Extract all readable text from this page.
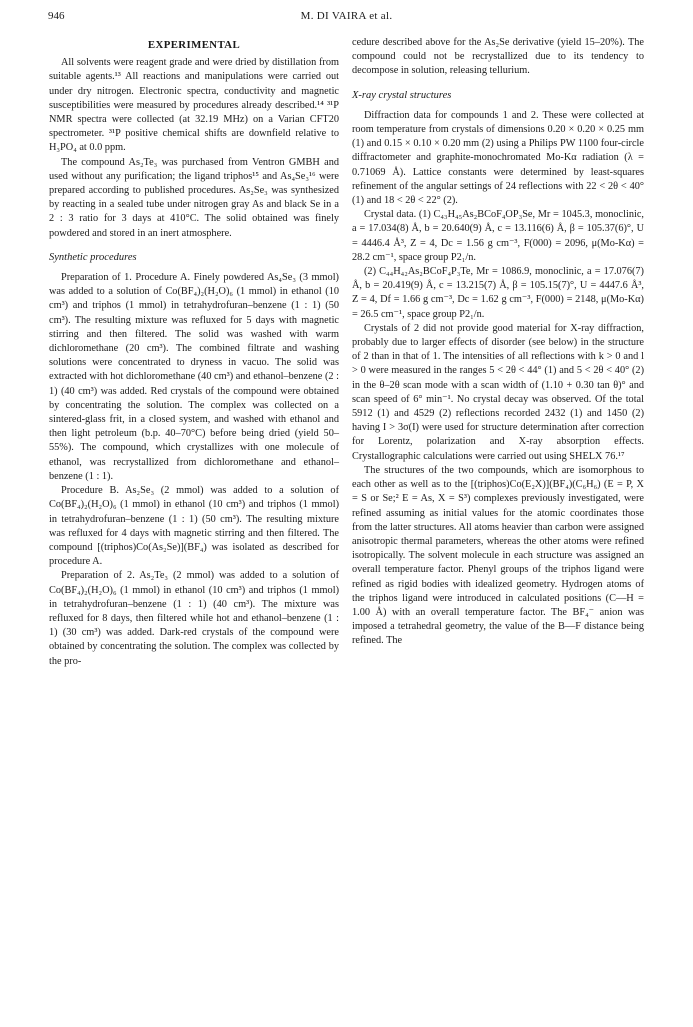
946	M. DI VAIRA et al.
EXPERIMENTAL

All solvents were reagent grade and were dried by distillation from suitable agents.¹³ All reactions and manipulations were carried out under dry nitrogen. Electronic spectra, conductivity and magnetic susceptibilities were measured by procedures already described.¹⁴ ³¹P NMR spectra were collected (at 32.19 MHz) on a Varian CFT20 spectrometer. ³¹P positive chemical shifts are downfield relative to H₃PO₄ at 0.0 ppm.

The compound As₂Te₃ was purchased from Ventron GMBH and used without any purification; the ligand triphos¹⁵ and As₄Se₃¹⁶ were prepared according to published procedures. As₂Se₃ was synthesized by reacting in a sealed tube under nitrogen gray As and black Se in a 2 : 3 ratio for 3 days at 410°C. The solid obtained was finely powdered and stored in an inert atmosphere.

Synthetic procedures

Preparation of 1. Procedure A. Finely powdered As₄Se₃ (3 mmol) was added to a solution of Co(BF₄)₂(H₂O)₆ (1 mmol) in ethanol (10 cm³) and triphos (1 mmol) in tetrahydrofuran–benzene (1 : 1) (50 cm³). The resulting mixture was refluxed for 5 days with magnetic stirring and then filtered. The solid was washed with warm dichloromethane (20 cm³). The combined filtrate and washing solutions were concentrated to dryness in vacuo. The solid was extracted with hot dichloromethane (40 cm³) and ethanol–benzene (2 : 1) (40 cm³) was added. Red crystals of the compound were obtained by concentrating the solution. The complex was collected on a sintered-glass frit, in a closed system, and washed with ethanol and then light petroleum (b.p. 40–70°C) before being dried (yield 50–55%). The compound, which crystallizes with one molecule of ethanol, was recrystallized from dichloromethane and ethanol–benzene (1 : 1).

Procedure B. As₂Se₃ (2 mmol) was added to a solution of Co(BF₄)₂(H₂O)₆ (1 mmol) in ethanol (10 cm³) and triphos (1 mmol) in tetrahydrofuran–benzene (1 : 1) (50 cm³). The resulting mixture was refluxed for 4 days with magnetic stirring and then filtered. The compound [(triphos)Co(As₂Se)](BF₄) was isolated as described for procedure A.

Preparation of 2. As₂Te₃ (2 mmol) was added to a solution of Co(BF₄)₂(H₂O)₆ (1 mmol) in ethanol (10 cm³) and triphos (1 mmol) in tetrahydrofuran–benzene (1 : 1) (40 cm³). The mixture was refluxed for 8 days, then filtered while hot and ethanol–benzene (1 : 1) (30 cm³) was added. Dark-red crystals of the compound were obtained by concentrating the solution. The complex was collected by the pro-

cedure described above for the As₂Se derivative (yield 15–20%). The compound could not be recrystallized due to its tendency to decompose in solution, releasing tellurium.

X-ray crystal structures

Diffraction data for compounds 1 and 2. These were collected at room temperature from crystals of dimensions 0.20 × 0.20 × 0.25 mm (1) and 0.15 × 0.10 × 0.20 mm (2) using a Philips PW 1100 four-circle diffractometer and graphite-monochromated Mo-Kα radiation (λ = 0.71069 Å). Lattice constants were determined by least-squares refinement of the angular settings of 24 reflections with 22 < 2θ < 40° (1) and 18 < 2θ < 22° (2).

Crystal data. (1) C₄₃H₄₅As₂BCoF₄OP₃Se, Mr = 1045.3, monoclinic, a = 17.034(8) Å, b = 20.640(9) Å, c = 13.116(6) Å, β = 105.37(6)°, U = 4446.4 Å³, Z = 4, Dc = 1.56 g cm⁻³, F(000) = 2096, μ(Mo-Kα) = 28.2 cm⁻¹, space group P2₁/n.

(2) C₄₄H₄₂As₂BCoF₄P₃Te, Mr = 1086.9, monoclinic, a = 17.076(7) Å, b = 20.419(9) Å, c = 13.215(7) Å, β = 105.15(7)°, U = 4447.6 Å³, Z = 4, Df = 1.66 g cm⁻³, Dc = 1.62 g cm⁻³, F(000) = 2148, μ(Mo-Kα) = 26.5 cm⁻¹, space group P2₁/n.

Crystals of 2 did not provide good material for X-ray diffraction, probably due to larger effects of disorder (see below) in the structure of 2 than in that of 1. The intensities of all reflections with k > 0 and l > 0 were measured in the ranges 5 < 2θ < 44° (1) and 5 < 2θ < 40° (2) in the θ–2θ scan mode with a scan width of (1.10 + 0.30 tan θ)° and scan speed of 6° min⁻¹. No crystal decay was observed. Of the total 5912 (1) and 4529 (2) reflections recorded 2432 (1) and 1450 (2) having I > 3σ(I) were used for structure determination after correction for Lorentz, polarization and X-ray absorption effects. Crystallographic calculations were carried out using SHELX 76.¹⁷

The structures of the two compounds, which are isomorphous to each other as well as to the [(triphos)Co(E₂X)](BF₄)(C₆H₆) (E = P, X = S or Se;² E = As, X = S³) complexes previously investigated, were refined assuming as initial values for the atomic coordinates those from the latter structures. All atoms heavier than carbon were assigned anisotropic thermal parameters, whereas the other atoms were refined isotropically. The solvent molecule in each structure was assigned an overall temperature factor. Phenyl groups of the triphos ligand were refined as rigid bodies with idealized geometry. Hydrogen atoms of the triphos ligand were introduced in calculated positions (C—H = 1.00 Å) with an overall temperature factor. The BF₄⁻ anion was imposed a tetrahedral geometry, the value of the B—F distance being refined. The
